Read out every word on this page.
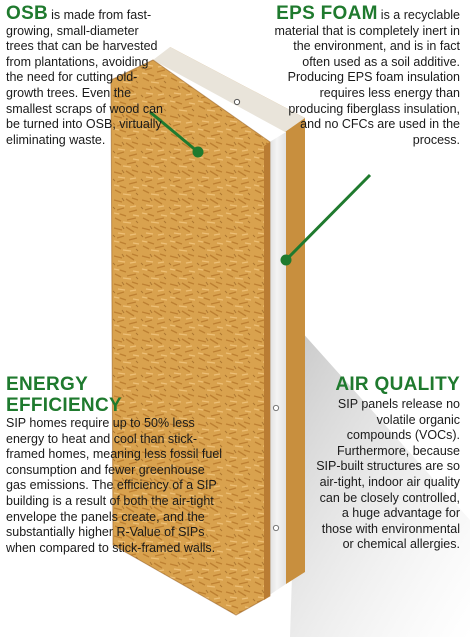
OSB is made from fast-growing, small-diameter trees that can be harvested from plantations, avoiding the need for cutting old-growth trees. Even the smallest scraps of wood can be turned into OSB, virtually eliminating waste.
EPS FOAM is a recyclable material that is completely inert in the environment, and is in fact often used as a soil additive. Producing EPS foam insulation requires less energy than producing fiberglass insulation, and no CFCs are used in the process.
ENERGY
EFFICIENCY
SIP homes require up to 50% less energy to heat and cool than stick-framed homes, meaning less fossil fuel consumption and fewer greenhouse gas emissions. The efficiency of a SIP building is a result of both the air-tight envelope the panels create, and the substantially higher R-Value of SIPs when compared to stick-framed walls.
AIR QUALITY
SIP panels release no volatile organic compounds (VOCs). Furthermore, because SIP-built structures are so air-tight, indoor air quality can be closely controlled, a huge advantage for those with environmental or chemical allergies.
